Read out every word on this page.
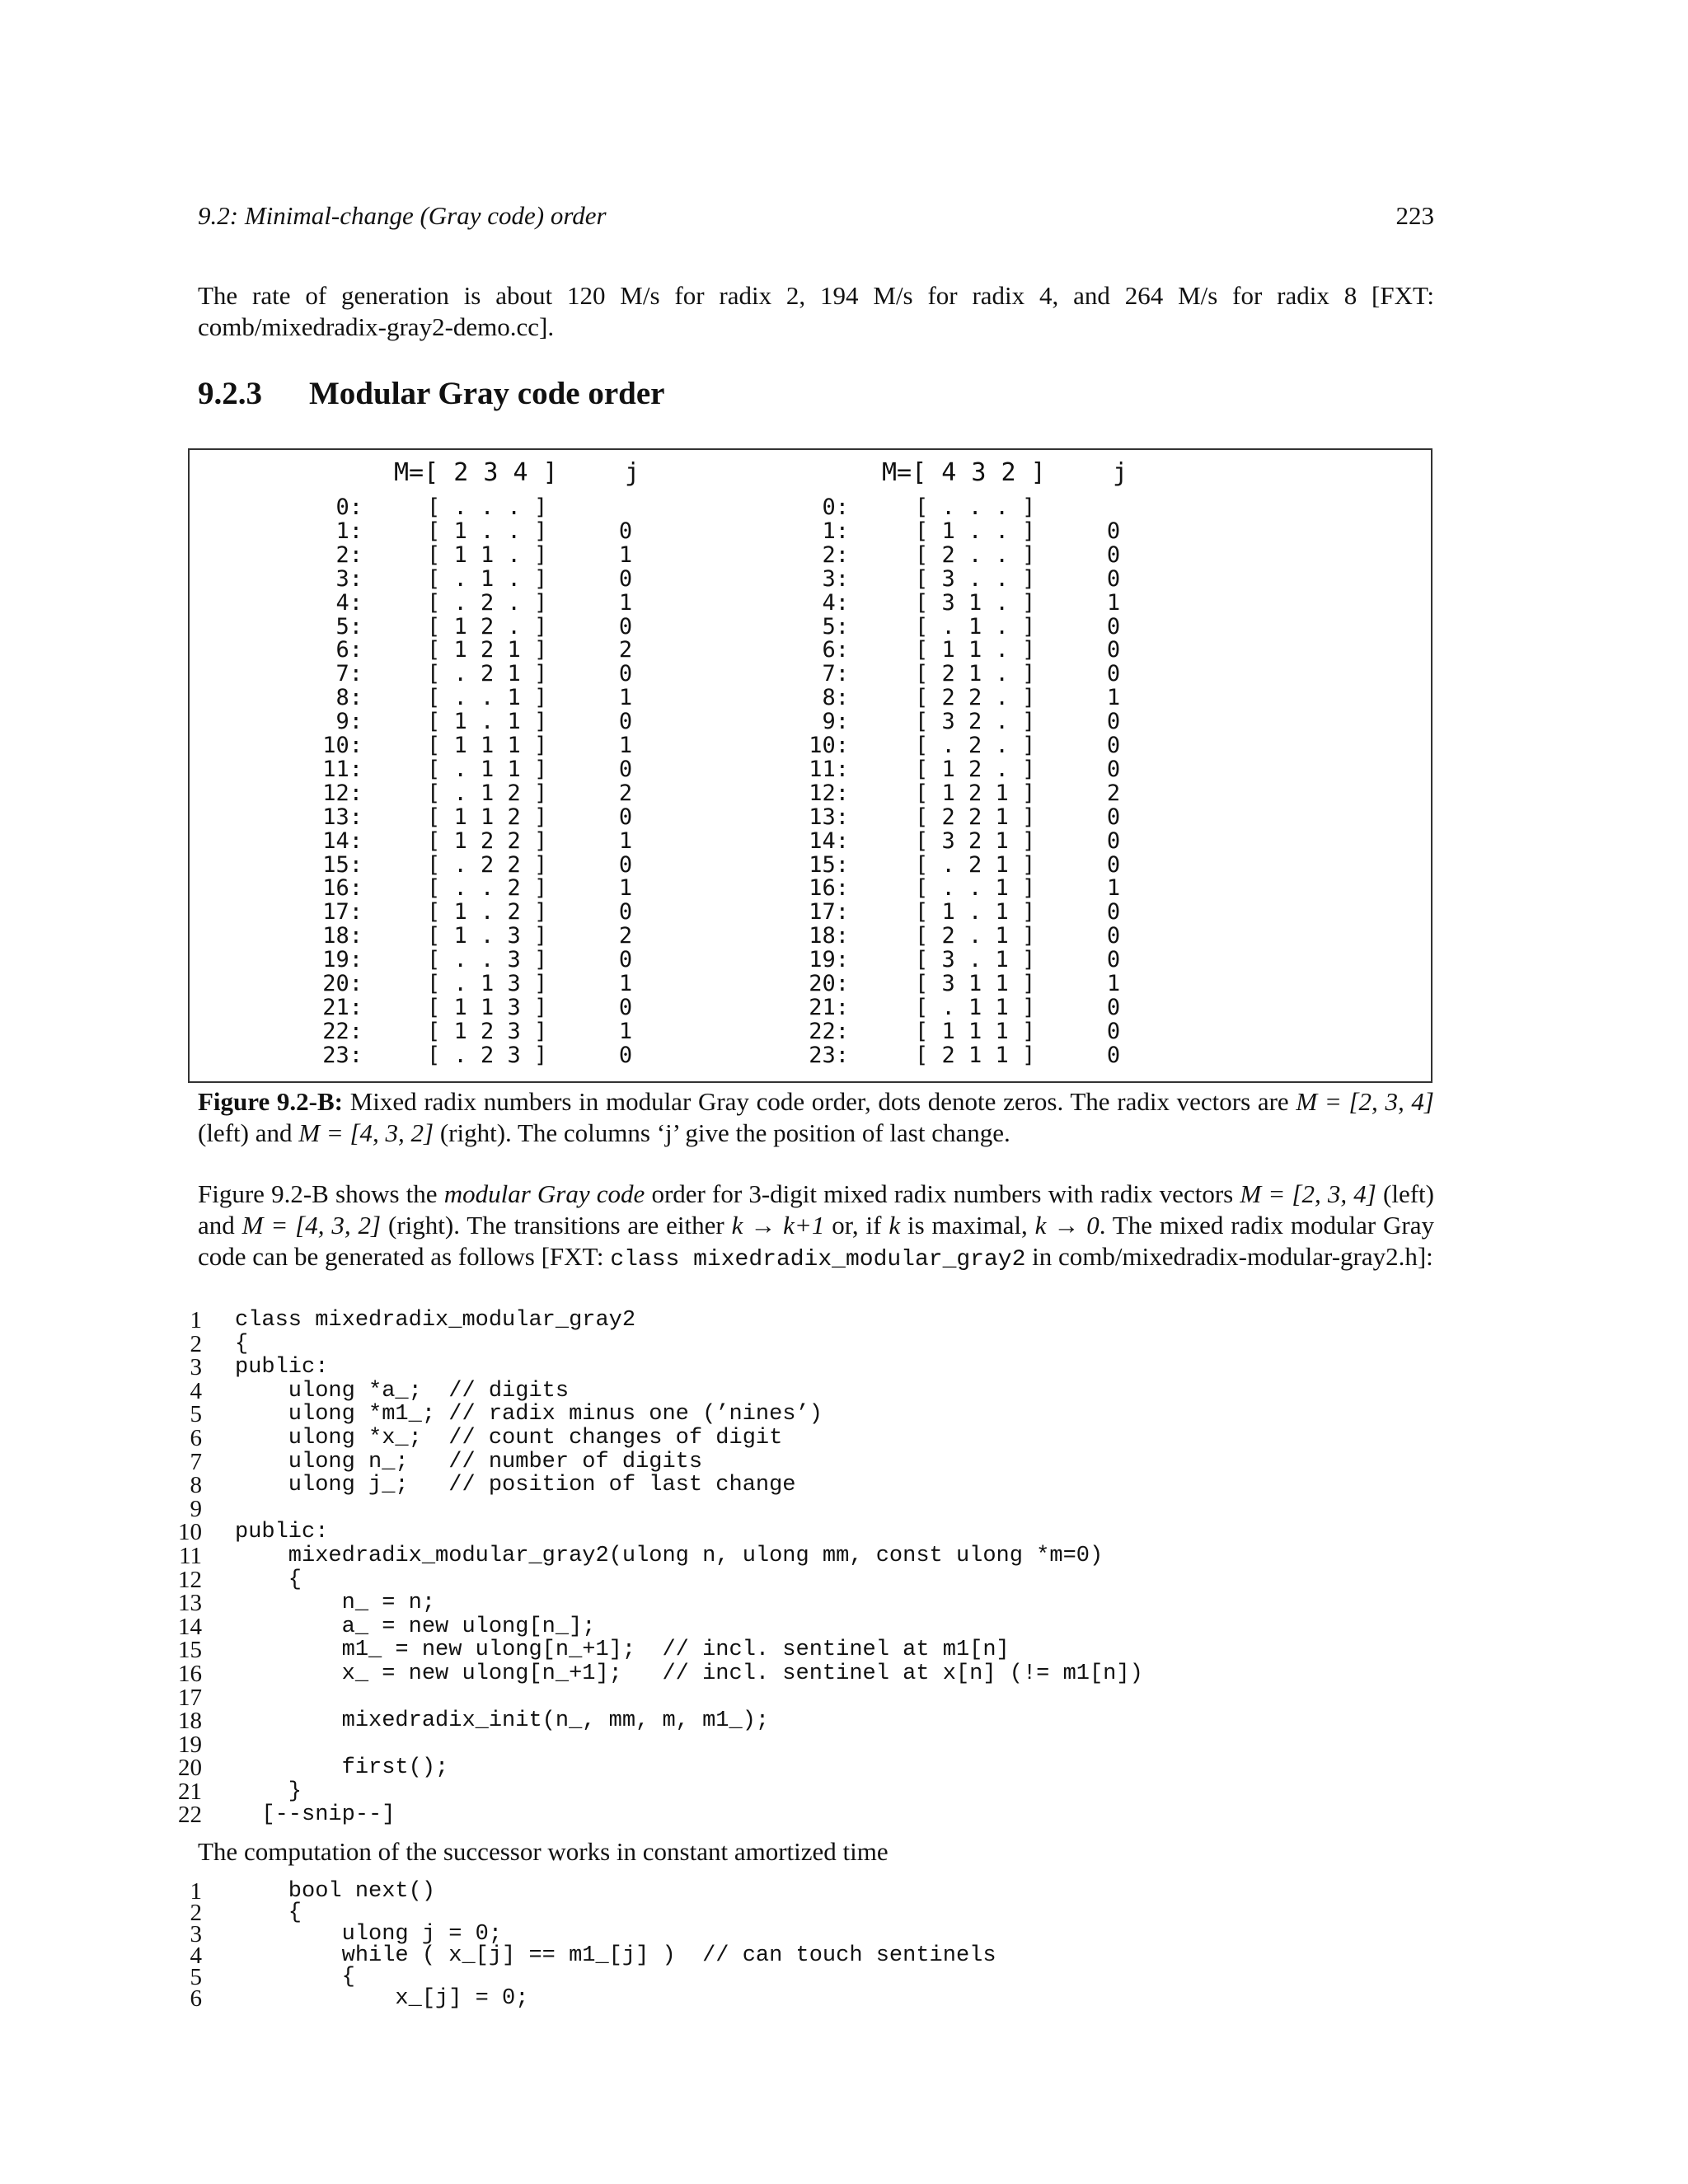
9.2: Minimal-change (Gray code) order	223

The rate of generation is about 120 M/s for radix 2, 194 M/s for radix 4, and 264 M/s for radix 8 [FXT: comb/mixedradix-gray2-demo.cc].

9.2.3 Modular Gray code order
M=[ 2 3 4 ]	j	M=[ 4 3 2 ]	j
0:	[ . . . ]
1:	[ 1 . . ]	0
2:	[ 1 1 . ]	1
3:	[ . 1 . ]	0
4:	[ . 2 . ]	1
5:	[ 1 2 . ]	0
6:	[ 1 2 1 ]	2
7:	[ . 2 1 ]	0
8:	[ . . 1 ]	1
9:	[ 1 . 1 ]	0
10:	[ 1 1 1 ]	1
11:	[ . 1 1 ]	0
12:	[ . 1 2 ]	2
13:	[ 1 1 2 ]	0
14:	[ 1 2 2 ]	1
15:	[ . 2 2 ]	0
16:	[ . . 2 ]	1
17:	[ 1 . 2 ]	0
18:	[ 1 . 3 ]	2
19:	[ . . 3 ]	0
20:	[ . 1 3 ]	1
21:	[ 1 1 3 ]	0
22:	[ 1 2 3 ]	1
23:	[ . 2 3 ]	0
0:	[ . . . ]
1:	[ 1 . . ]	0
2:	[ 2 . . ]	0
3:	[ 3 . . ]	0
4:	[ 3 1 . ]	1
5:	[ . 1 . ]	0
6:	[ 1 1 . ]	0
7:	[ 2 1 . ]	0
8:	[ 2 2 . ]	1
9:	[ 3 2 . ]	0
10:	[ . 2 . ]	0
11:	[ 1 2 . ]	0
12:	[ 1 2 1 ]	2
13:	[ 2 2 1 ]	0
14:	[ 3 2 1 ]	0
15:	[ . 2 1 ]	0
16:	[ . . 1 ]	1
17:	[ 1 . 1 ]	0
18:	[ 2 . 1 ]	0
19:	[ 3 . 1 ]	0
20:	[ 3 1 1 ]	1
21:	[ . 1 1 ]	0
22:	[ 1 1 1 ]	0
23:	[ 2 1 1 ]	0
Figure 9.2-B: Mixed radix numbers in modular Gray code order, dots denote zeros. The radix vectors are M = [2, 3, 4] (left) and M = [4, 3, 2] (right). The columns ‘j’ give the position of last change.

Figure 9.2-B shows the modular Gray code order for 3-digit mixed radix numbers with radix vectors M = [2, 3, 4] (left) and M = [4, 3, 2] (right). The transitions are either k → k+1 or, if k is maximal, k → 0. The mixed radix modular Gray code can be generated as follows [FXT: class mixedradix_modular_gray2 in comb/mixedradix-modular-gray2.h]:

1 class mixedradix_modular_gray2
2 {
3 public:
4 ulong *a_;  // digits
5 ulong *m1_; // radix minus one (’nines’)
6 ulong *x_;  // count changes of digit
7 ulong n_;   // number of digits
8 ulong j_;   // position of last change
9
10 public:
11 mixedradix_modular_gray2(ulong n, ulong mm, const ulong *m=0)
12 {
13 n_ = n;
14 a_ = new ulong[n_];
15 m1_ = new ulong[n_+1];  // incl. sentinel at m1[n]
16 x_ = new ulong[n_+1];   // incl. sentinel at x[n] (!= m1[n])
17
18 mixedradix_init(n_, mm, m, m1_);
19
20 first();
21 }
22 [--snip--]

The computation of the successor works in constant amortized time

1 bool next()
2 {
3 ulong j = 0;
4 while ( x_[j] == m1_[j] )  // can touch sentinels
5 {
6 x_[j] = 0;
